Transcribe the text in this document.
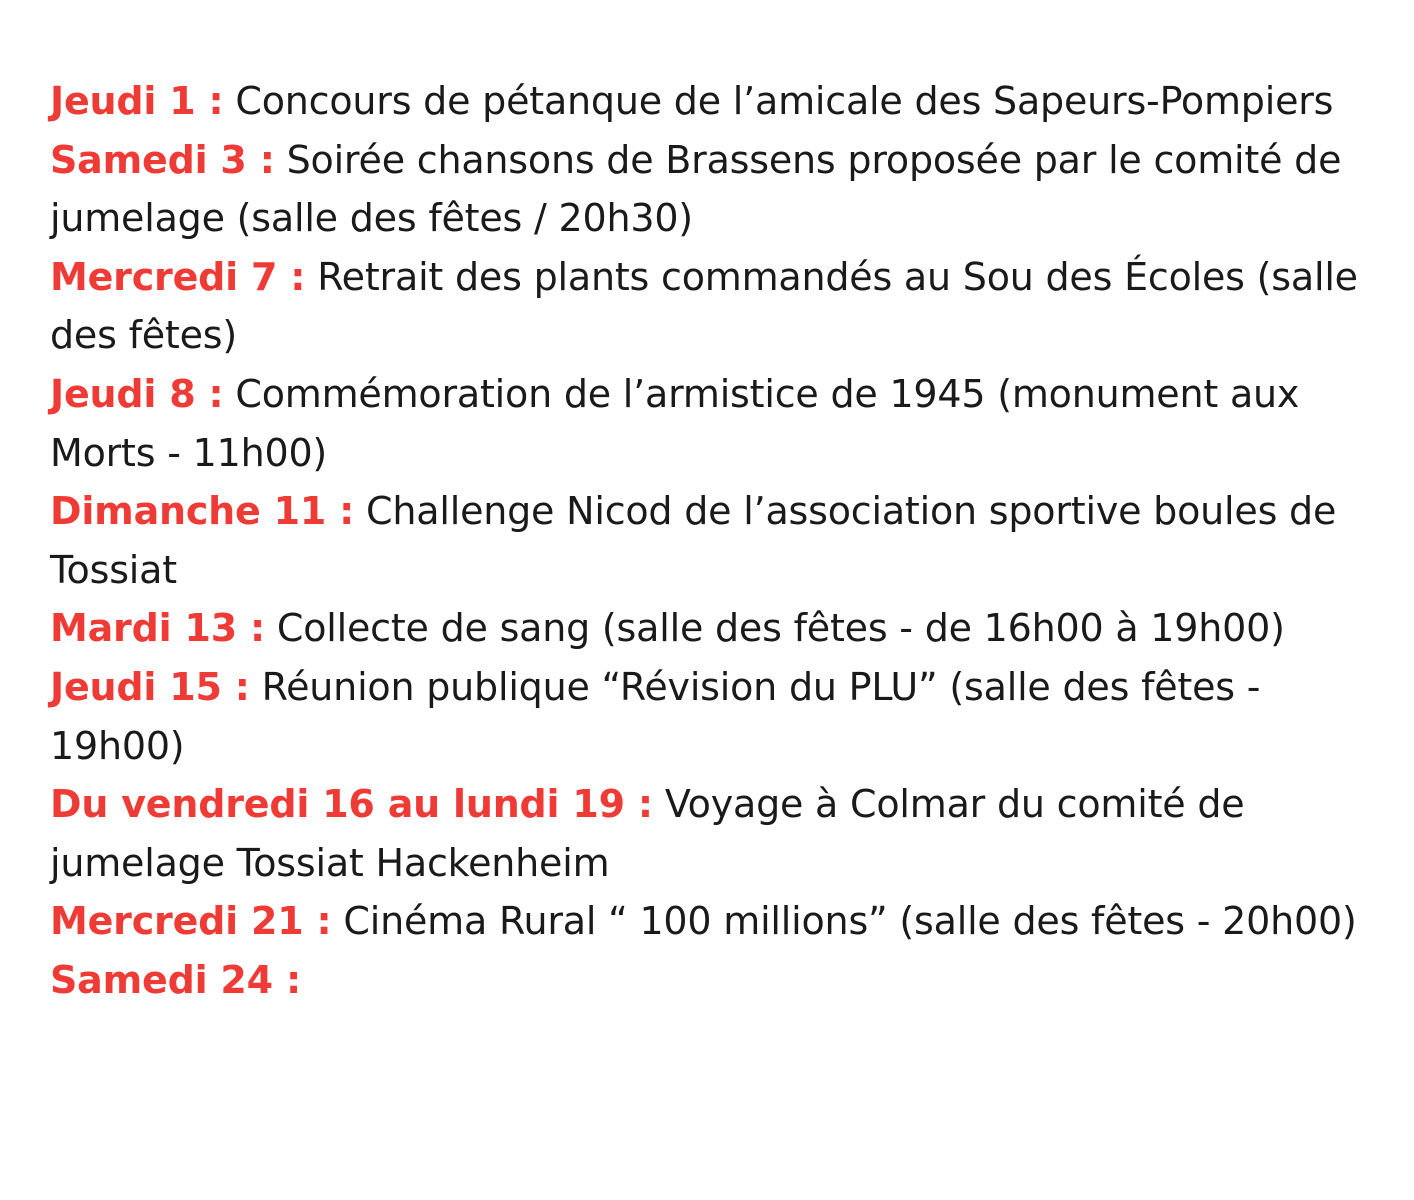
Jeudi 1 : Concours de pétanque de l’amicale des Sapeurs-Pompiers

Samedi 3 : Soirée chansons de Brassens proposée par le comité de jumelage (salle des fêtes / 20h30)

Mercredi 7 : Retrait des plants commandés au Sou des Écoles (salle des fêtes)

Jeudi 8 : Commémoration de l’armistice de 1945 (monument aux Morts - 11h00)

Dimanche 11 : Challenge Nicod de l’association sportive boules de Tossiat

Mardi 13 : Collecte de sang (salle des fêtes - de 16h00 à 19h00)

Jeudi 15 : Réunion publique “Révision du PLU” (salle des fêtes - 19h00)

Du vendredi 16 au lundi 19 : Voyage à Colmar du comité de jumelage Tossiat Hackenheim

Mercredi 21 : Cinéma Rural “ 100 millions” (salle des fêtes - 20h00)

Samedi 24 :
